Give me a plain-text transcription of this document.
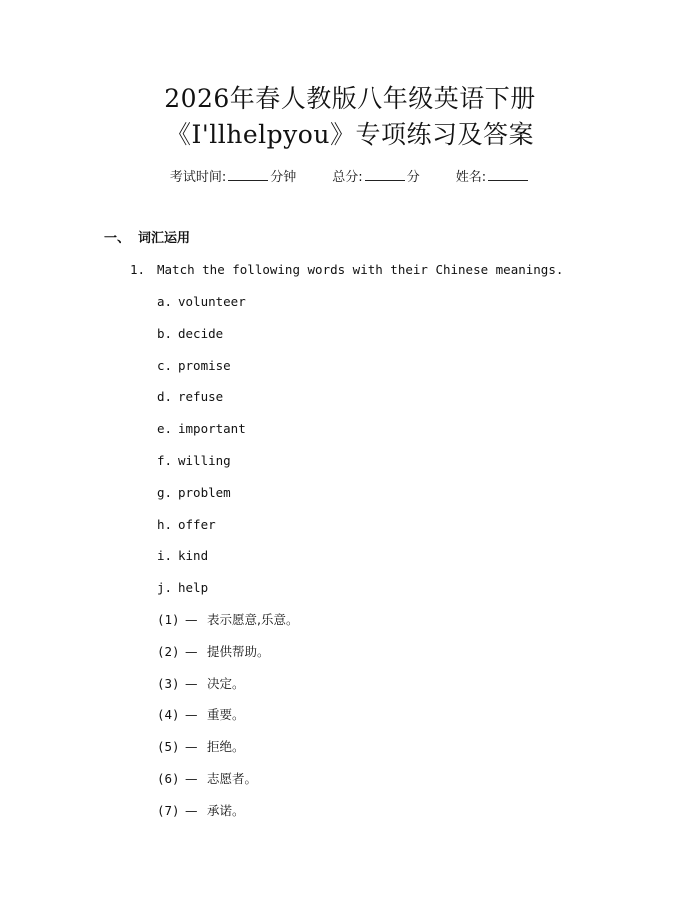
2026年春人教版八年级英语下册
《I'llhelpyou》专项练习及答案
考试时间:	分钟	总分:	分	姓名:
一、 词汇运用
1. Match the following words with their Chinese meanings.
a. volunteer
b. decide
c. promise
d. refuse
e. important
f. willing
g. problem
h. offer
i. kind
j. help
(1) — 表示愿意,乐意。
(2) — 提供帮助。
(3) — 决定。
(4) — 重要。
(5) — 拒绝。
(6) — 志愿者。
(7) — 承诺。
